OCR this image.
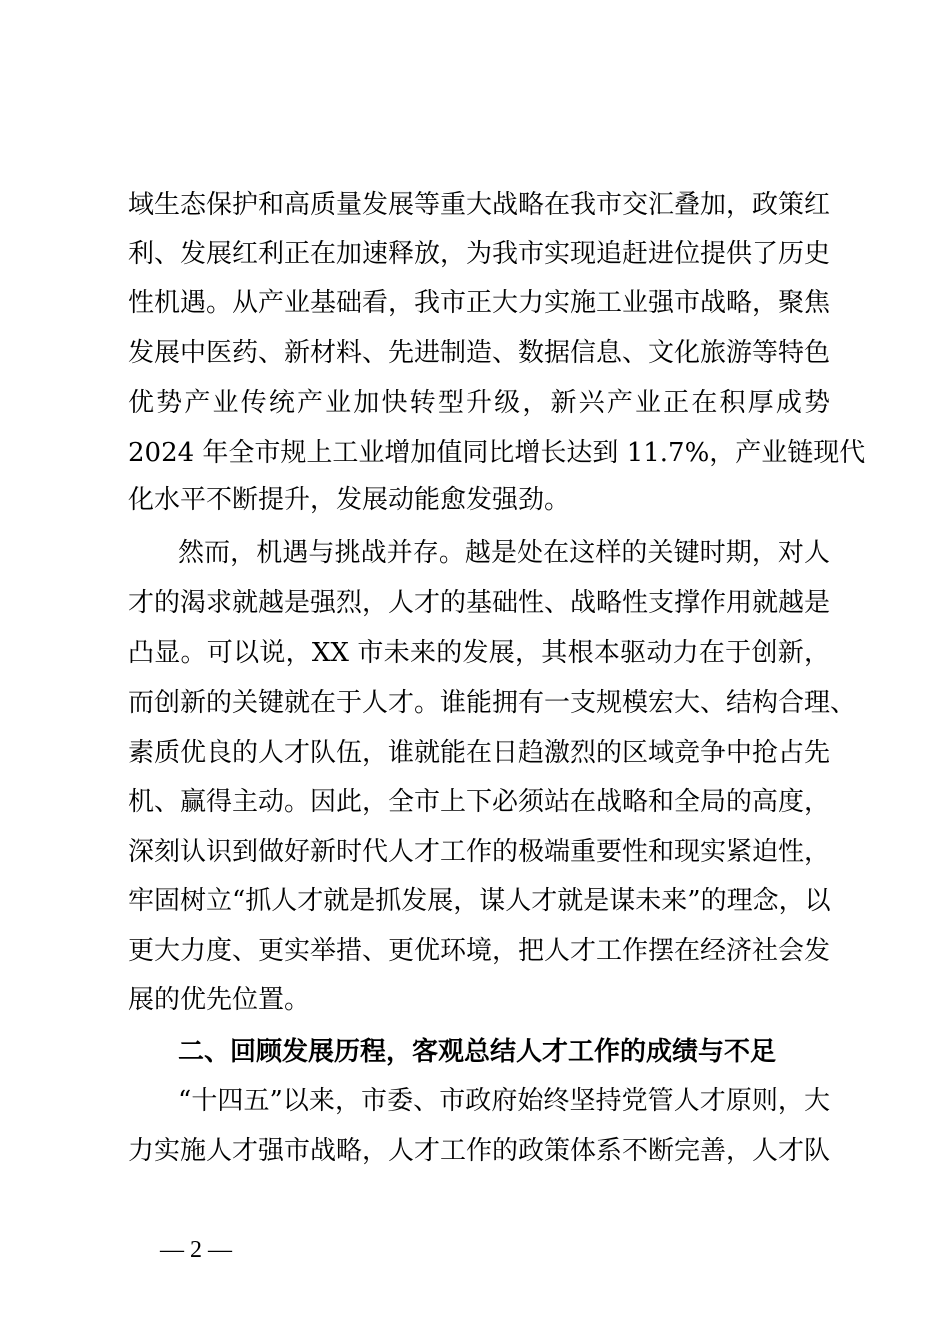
域生态保护和高质量发展等重大战略在我市交汇叠加，政策红
利、发展红利正在加速释放，为我市实现追赶进位提供了历史
性机遇。从产业基础看，我市正大力实施工业强市战略，聚焦
发展中医药、新材料、先进制造、数据信息、文化旅游等特色
优势产业传统产业加快转型升级，新兴产业正在积厚成势
2024 年全市规上工业增加值同比增长达到 11.7%，产业链现代
化水平不断提升，发展动能愈发强劲。
然而，机遇与挑战并存。越是处在这样的关键时期，对人
才的渴求就越是强烈，人才的基础性、战略性支撑作用就越是
凸显。可以说，XX 市未来的发展，其根本驱动力在于创新，
而创新的关键就在于人才。谁能拥有一支规模宏大、结构合理、
素质优良的人才队伍，谁就能在日趋激烈的区域竞争中抢占先
机、赢得主动。因此，全市上下必须站在战略和全局的高度，
深刻认识到做好新时代人才工作的极端重要性和现实紧迫性，
牢固树立“抓人才就是抓发展，谋人才就是谋未来”的理念，以
更大力度、更实举措、更优环境，把人才工作摆在经济社会发
展的优先位置。
二、回顾发展历程，客观总结人才工作的成绩与不足
“十四五”以来，市委、市政府始终坚持党管人才原则，大
力实施人才强市战略，人才工作的政策体系不断完善，人才队
— 2 —
